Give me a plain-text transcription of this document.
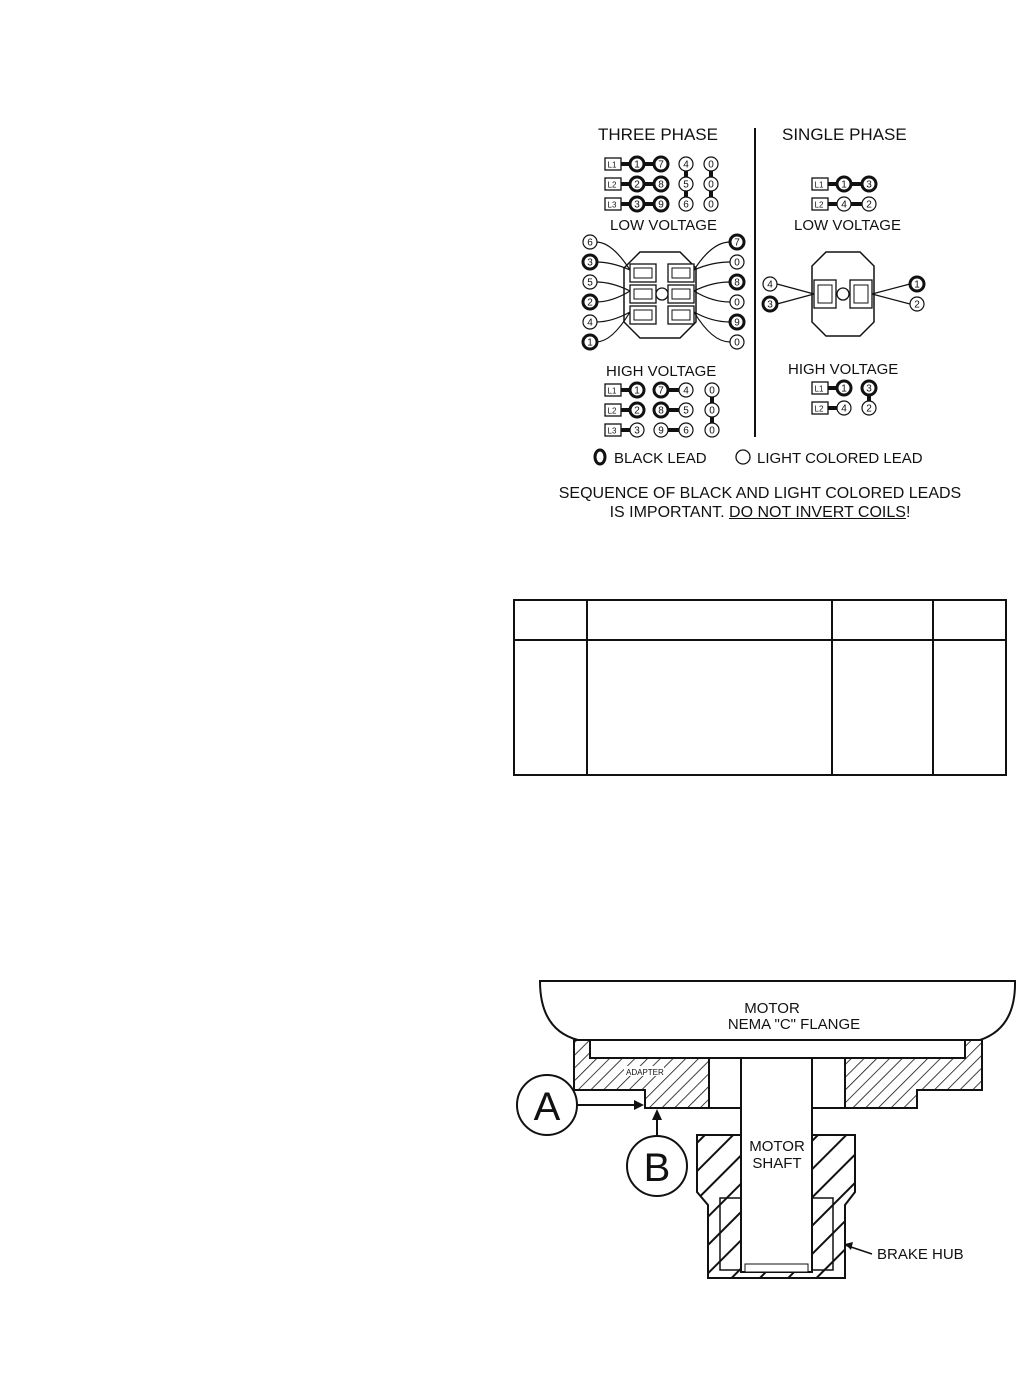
THREE PHASE	SINGLE PHASE
L1 1 7 4 0
L2 2 8 5 0
L3 3 9 6 0
LOW VOLTAGE
L1 1 3
L2 4 2
LOW VOLTAGE
6	7
3	0
5	8
2	0
4	9
1	0
4	1
3	2
HIGH VOLTAGE	HIGH VOLTAGE
L1 1 7 4 0
L2 2 8 5 0
L3 3 9 6 0
L1 1 3
L2 4 2
BLACK LEAD	LIGHT COLORED LEAD
SEQUENCE OF BLACK AND LIGHT COLORED LEADS
IS IMPORTANT. DO NOT INVERT COILS!

MOTOR
NEMA "C" FLANGE
ADAPTER
MOTOR
SHAFT
A
B
BRAKE HUB
